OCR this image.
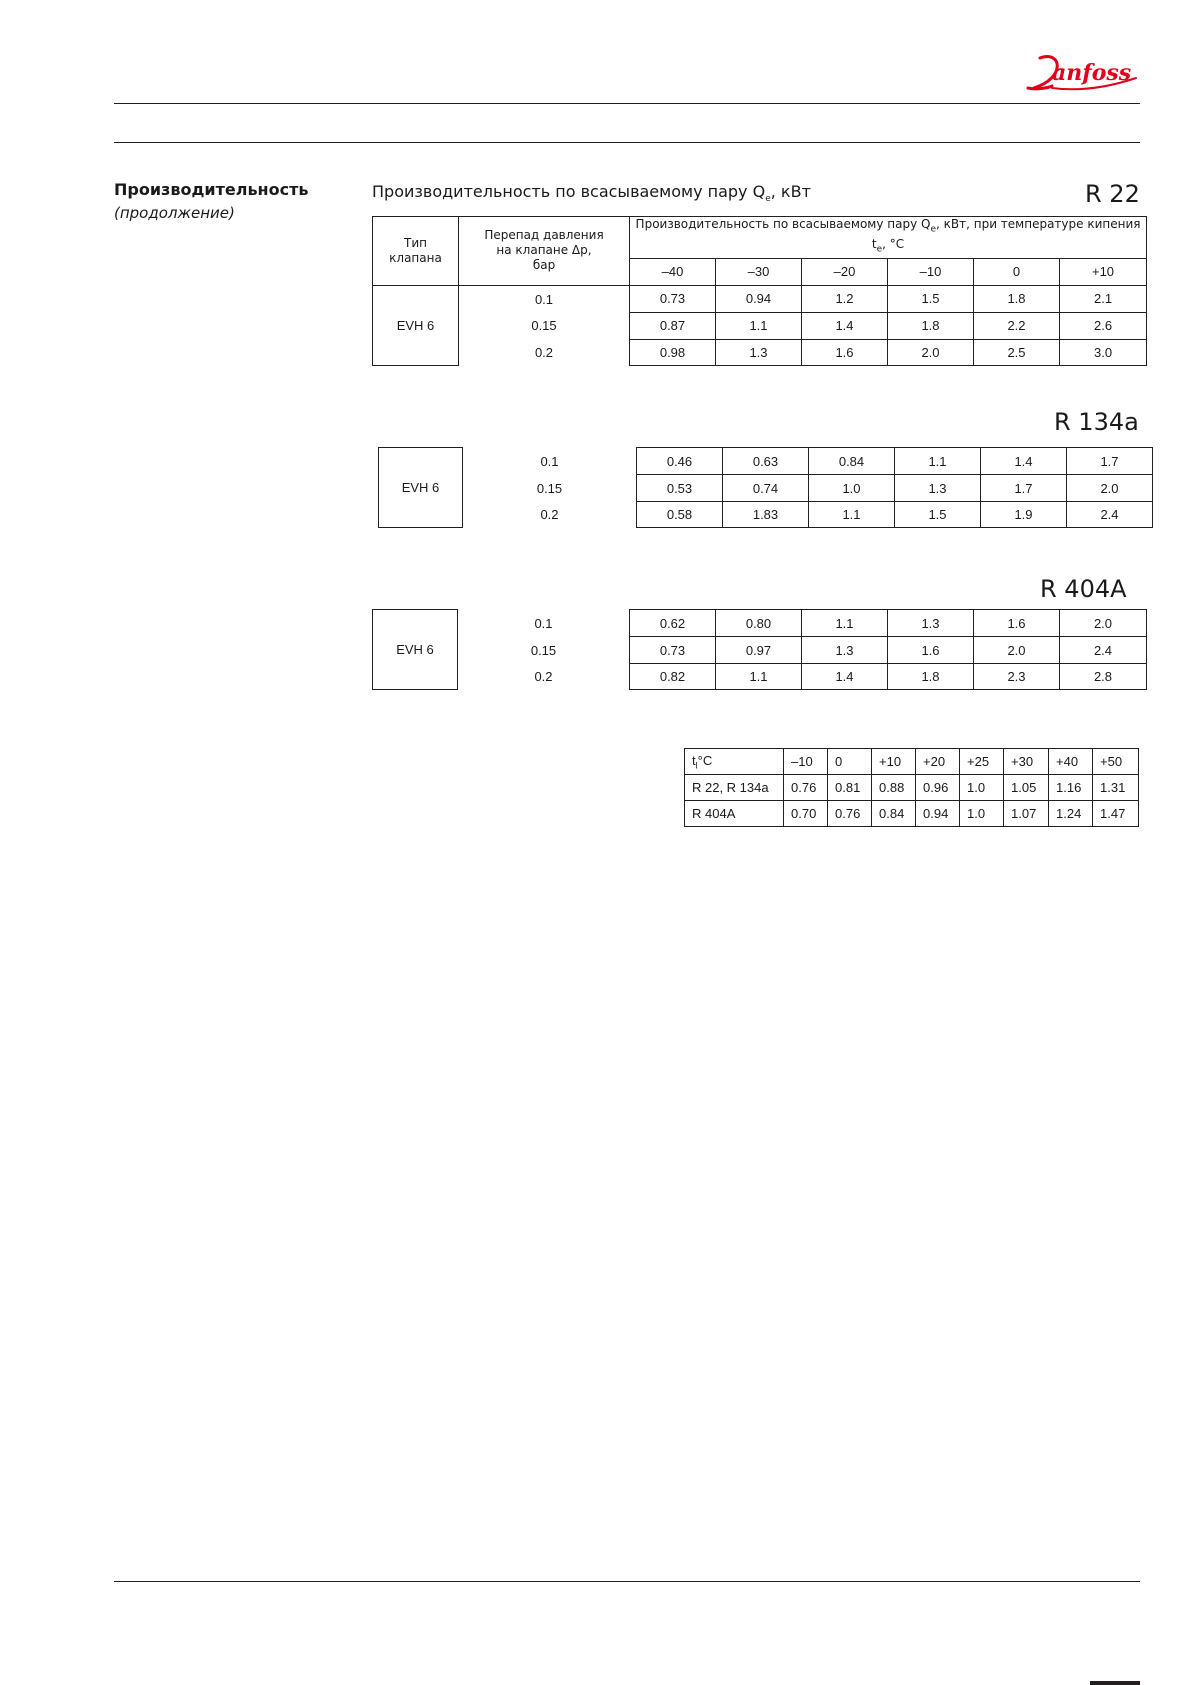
anfoss
Производительность
(продолжение)
Производительность по всасываемому пару $Q_e$, кВт	R 22
Тип
клапана	Перепад давления
на клапане Δp,
бар	Производительность по всасываемому пару $Q_e$, кВт, при температуре кипения $t_e$, °C					
		–40	–30	–20	–10	0	+10
EVH 6	0.1	0.73	0.94	1.2	1.5	1.8	2.1
	0.15	0.87	1.1	1.4	1.8	2.2	2.6
	0.2	0.98	1.3	1.6	2.0	2.5	3.0
R 134a
EVH 6	0.1	0.46	0.63	0.84	1.1	1.4	1.7
	0.15	0.53	0.74	1.0	1.3	1.7	2.0
	0.2	0.58	1.83	1.1	1.5	1.9	2.4
R 404A
EVH 6	0.1	0.62	0.80	1.1	1.3	1.6	2.0
	0.15	0.73	0.97	1.3	1.6	2.0	2.4
	0.2	0.82	1.1	1.4	1.8	2.3	2.8
$t_l^\circ C$	–10	0	+10	+20	+25	+30	+40	+50
R 22, R 134a	0.76	0.81	0.88	0.96	1.0	1.05	1.16	1.31
R 404A	0.70	0.76	0.84	0.94	1.0	1.07	1.24	1.47
